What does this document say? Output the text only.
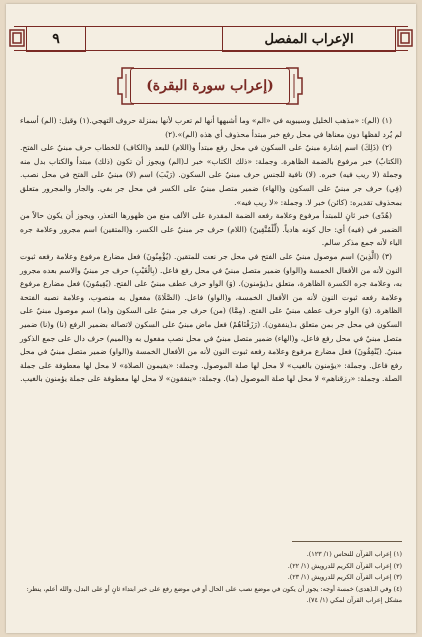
الإعراب المفصل
٩
(إعراب سورة البقرة)

(١) (الم): «مذهب الخليل وسيبويه في «الم» وما أشبهها أنها لم تعرب لأنها بمنزلة حروف التهجي.(١) وقيل: (الم) أسماء لم يُرد لفظها دون معناها في محل رفع خبر مبتدأ محذوف أي هذه (الم)».(٢)

(٢) (ذَلِكَ) اسم إشارة مبنيٌ على السكون في محل رفع مبتدأ و(اللام) للبعد و(الكاف) للخطاب حرف مبنيٌ على الفتح. (الكتابُ) خبر مرفوع بالضمة الظاهرة. وجملة: «ذلك الكتاب» خبر لـ(الم) ويجوز أن تكون (ذلك) مبتدأ والكتاب بدل منه وجملة (لا ريب فيه) خبره. (لا) نافية للجنس حرف مبنيٌ على السكون. (رَيْبَ) اسم (لا) مبنيٌ على الفتح في محل نصب. (فِي) حرف جر مبنيٌ على السكون و(الهاء) ضمير متصل مبنيٌ على الكسر في محل جر بفي. والجار والمجرور متعلق بمحذوف تقديره: (كائن) خبر لا. وجملة: «لا ريب فيه».

(هُدًى) خبر ثانٍ للمبتدأ مرفوع وعلامة رفعه الضمة المقدرة على الألف منع من ظهورها التعذر، ويجوز أن يكون حالاً من الضمير في (فيه) أي: حال كونه هادياً. (لِّلْمُتَّقِينَ) (اللام) حرف جر مبنيٌ على الكسر، و(المتقين) اسم مجرور وعلامة جره الياء لأنه جمع مذكر سالم.

(٣) (الَّذِينَ) اسم موصول مبنيٌ على الفتح في محل جر نعت للمتقين. (يُؤْمِنُونَ) فعل مضارع مرفوع وعلامة رفعه ثبوت النون لأنه من الأفعال الخمسة و(الواو) ضمير متصل مبنيٌ في محل رفع فاعل. (بِالْغَيْبِ) حرف جر مبنيٌ والاسم بعده مجرور به، وعلامة جره الكسرة الظاهرة، متعلق بـ(يؤمنون). (وَ) الواو حرف عطف مبنيٌ على الفتح. (يُقِيمُونَ) فعل مضارع مرفوع وعلامة رفعه ثبوت النون لأنه من الأفعال الخمسة، و(الواو) فاعل. (الصَّلَاةَ) مفعول به منصوب، وعلامة نصبه الفتحة الظاهرة. (وَ) الواو حرف عطف مبنيٌ على الفتح. (مِمَّا) (من) حرف جر مبنيٌ على السكون و(ما) اسم موصول مبنيٌ على السكون في محل جر بمن متعلق بـ(ينفقون). (رَزَقْنَاهُمْ) فعل ماض مبنيٌ على السكون لاتصاله بضمير الرفع (نا) و(نا) ضمير متصل مبنيٌ في محل رفع فاعل، و(الهاء) ضمير متصل مبنيٌ في محل نصب مفعول به و(الميم) حرف دال على جمع الذكور مبنيٌ. (يُنْفِقُونَ) فعل مضارع مرفوع وعلامة رفعه ثبوت النون لأنه من الأفعال الخمسة و(الواو) ضمير متصل مبنيٌ في محل رفع فاعل. وجملة: «يؤمنون بالغيب» لا محل لها صلة الموصول. وجملة: «يقيمون الصلاة» لا محل لها معطوفة على جملة الصلة. وجملة: «رزقناهم» لا محل لها صلة الموصول (ما). وجملة: «ينفقون» لا محل لها معطوفة على جملة يؤمنون بالغيب.

(١) إعراب القرآن للنحاس (١/ ١٢٣).
(٢) إعراب القرآن الكريم للدرويش (١/ ٢٢).
(٣) إعراب القرآن الكريم للدرويش (١/ ٢٣).
(٤) وفي الـ(هدى) خمسة أوجه: يجوز أن يكون في موضع نصب على الحال أو في موضع رفع على خبر ابتداء ثانٍ أو على البدل، والله أعلم، ينظر: مشكل إعراب القرآن لمكي (١/ ٧٤).
